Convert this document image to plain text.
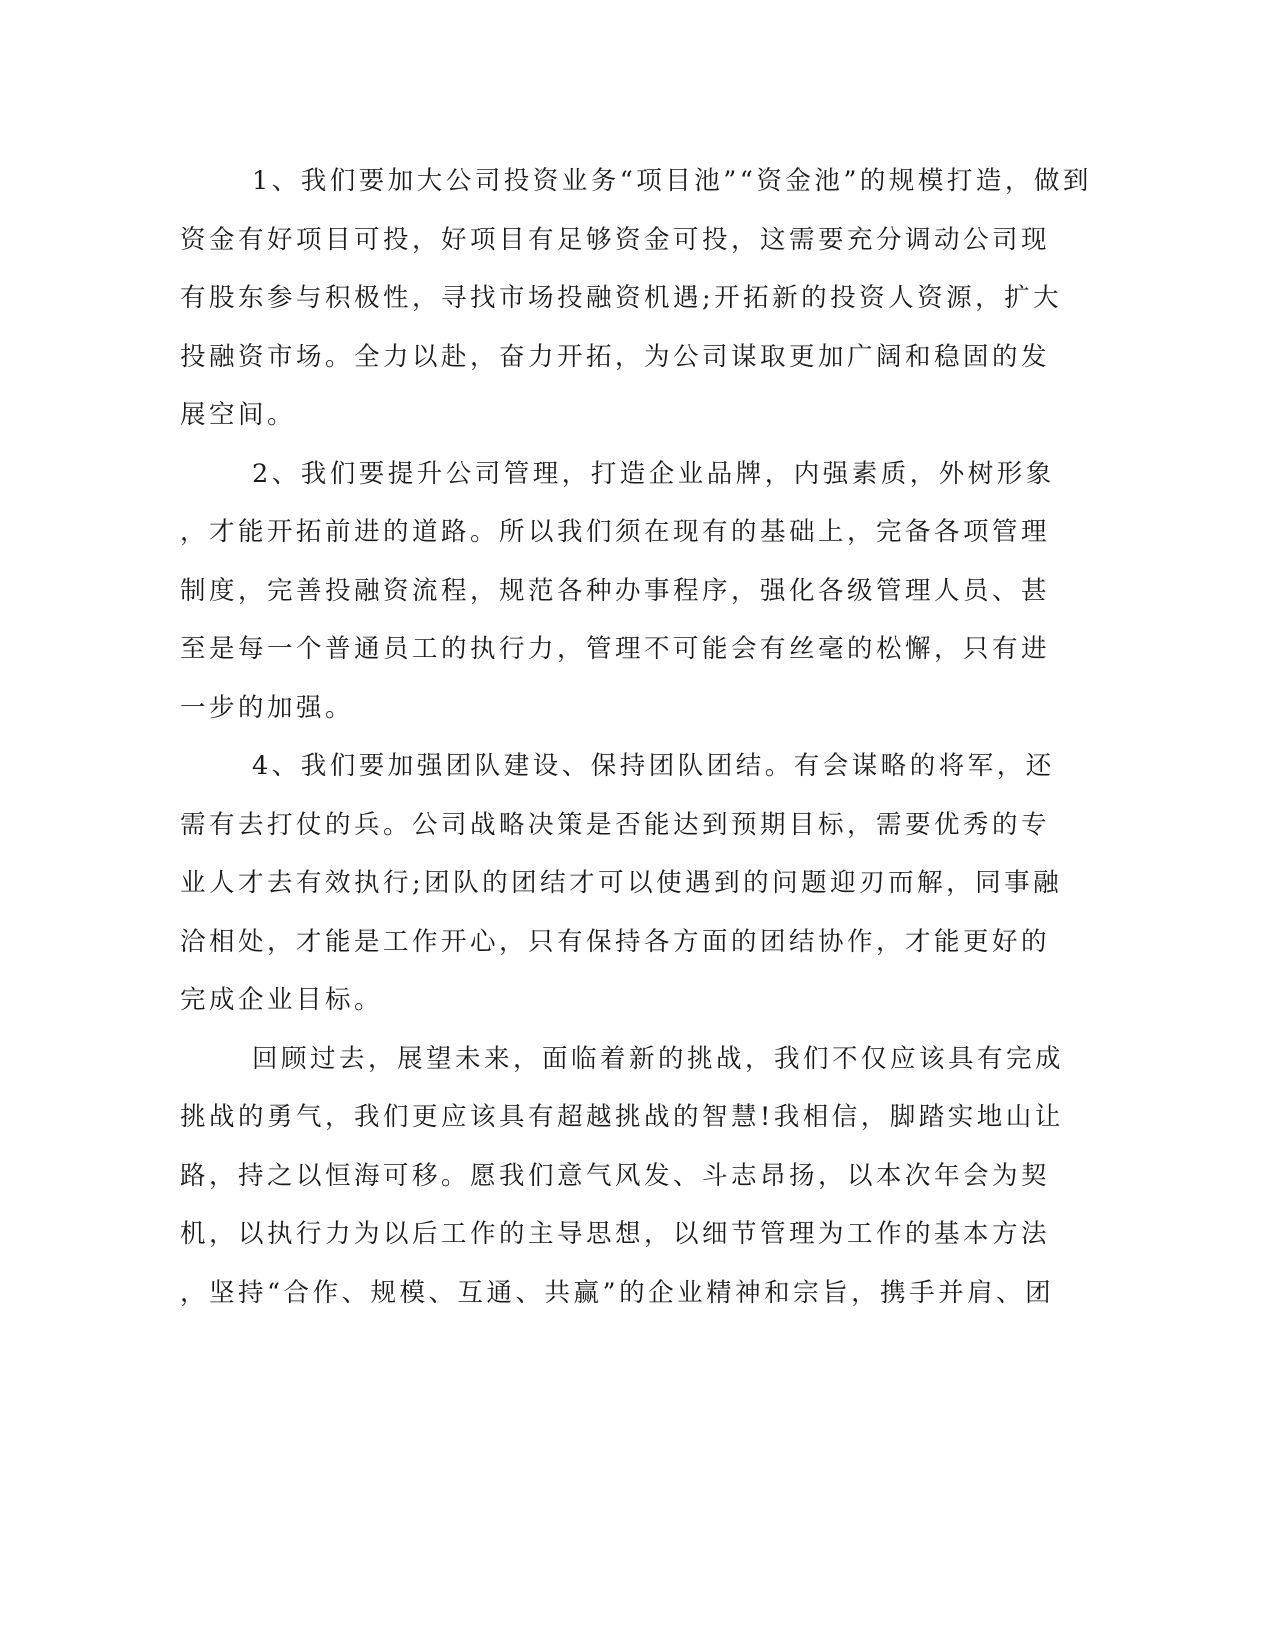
1、我们要加大公司投资业务“项目池”“资金池”的规模打造，做到
资金有好项目可投，好项目有足够资金可投，这需要充分调动公司现
有股东参与积极性，寻找市场投融资机遇;开拓新的投资人资源，扩大
投融资市场。全力以赴，奋力开拓，为公司谋取更加广阔和稳固的发
展空间。
2、我们要提升公司管理，打造企业品牌，内强素质，外树形象
，才能开拓前进的道路。所以我们须在现有的基础上，完备各项管理
制度，完善投融资流程，规范各种办事程序，强化各级管理人员、甚
至是每一个普通员工的执行力，管理不可能会有丝毫的松懈，只有进
一步的加强。
4、我们要加强团队建设、保持团队团结。有会谋略的将军，还
需有去打仗的兵。公司战略决策是否能达到预期目标，需要优秀的专
业人才去有效执行;团队的团结才可以使遇到的问题迎刃而解，同事融
洽相处，才能是工作开心，只有保持各方面的团结协作，才能更好的
完成企业目标。
回顾过去，展望未来，面临着新的挑战，我们不仅应该具有完成
挑战的勇气，我们更应该具有超越挑战的智慧!我相信，脚踏实地山让
路，持之以恒海可移。愿我们意气风发、斗志昂扬，以本次年会为契
机，以执行力为以后工作的主导思想，以细节管理为工作的基本方法
，坚持“合作、规模、互通、共赢”的企业精神和宗旨，携手并肩、团
